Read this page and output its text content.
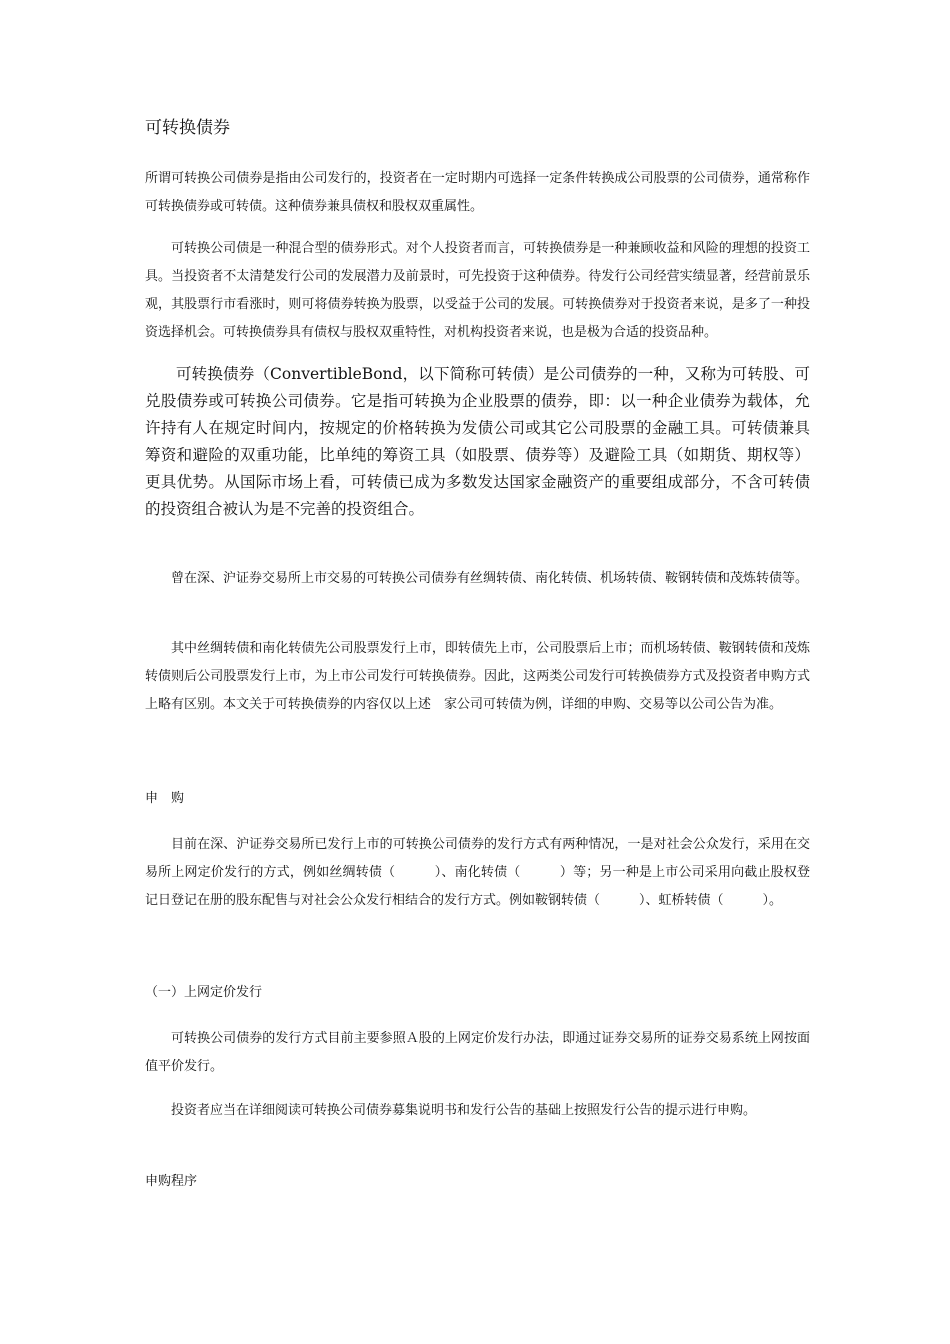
可转换债券

所谓可转换公司债券是指由公司发行的，投资者在一定时期内可选择一定条件转换成公司股票的公司债券，通常称作可转换债券或可转债。这种债券兼具债权和股权双重属性。

可转换公司债是一种混合型的债券形式。对个人投资者而言，可转换债券是一种兼顾收益和风险的理想的投资工具。当投资者不太清楚发行公司的发展潜力及前景时，可先投资于这种债券。待发行公司经营实绩显著，经营前景乐观，其股票行市看涨时，则可将债券转换为股票，以受益于公司的发展。可转换债券对于投资者来说，是多了一种投资选择机会。可转换债券具有债权与股权双重特性，对机构投资者来说，也是极为合适的投资品种。

可转换债券（ConvertibleBond，以下简称可转债）是公司债券的一种，又称为可转股、可兑股债券或可转换公司债券。它是指可转换为企业股票的债券，即：以一种企业债券为载体，允许持有人在规定时间内，按规定的价格转换为发债公司或其它公司股票的金融工具。可转债兼具筹资和避险的双重功能，比单纯的筹资工具（如股票、债券等）及避险工具（如期货、期权等）更具优势。从国际市场上看，可转债已成为多数发达国家金融资产的重要组成部分，不含可转债的投资组合被认为是不完善的投资组合。

曾在深、沪证券交易所上市交易的可转换公司债券有丝绸转债、南化转债、机场转债、鞍钢转债和茂炼转债等。

其中丝绸转债和南化转债先公司股票发行上市，即转债先上市，公司股票后上市；而机场转债、鞍钢转债和茂炼转债则后公司股票发行上市，为上市公司发行可转换债券。因此，这两类公司发行可转换债券方式及投资者申购方式上略有区别。本文关于可转换债券的内容仅以上述　家公司可转债为例，详细的申购、交易等以公司公告为准。

申　购

目前在深、沪证券交易所已发行上市的可转换公司债券的发行方式有两种情况，一是对社会公众发行，采用在交易所上网定价发行的方式，例如丝绸转债（　　　）、南化转债（　　　）等；另一种是上市公司采用向截止股权登记日登记在册的股东配售与对社会公众发行相结合的发行方式。例如鞍钢转债（　　　）、虹桥转债（　　　）。

（一）上网定价发行

可转换公司债券的发行方式目前主要参照Ａ股的上网定价发行办法，即通过证券交易所的证券交易系统上网按面值平价发行。

投资者应当在详细阅读可转换公司债券募集说明书和发行公告的基础上按照发行公告的提示进行申购。

申购程序
